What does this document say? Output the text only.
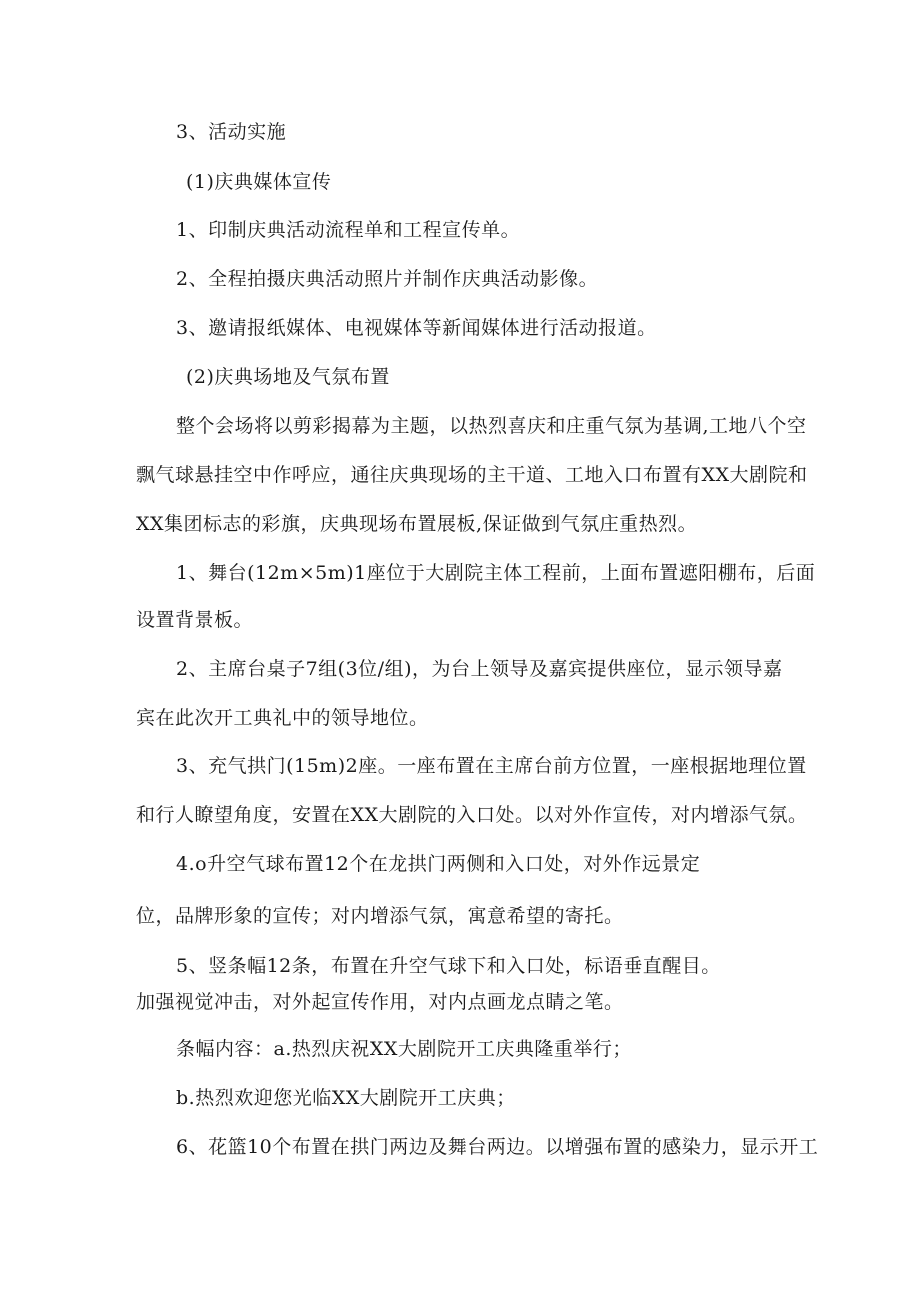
3、活动实施
(1)庆典媒体宣传
1、印制庆典活动流程单和工程宣传单。
2、全程拍摄庆典活动照片并制作庆典活动影像。
3、邀请报纸媒体、电视媒体等新闻媒体进行活动报道。
(2)庆典场地及气氛布置
整个会场将以剪彩揭幕为主题，以热烈喜庆和庄重气氛为基调,工地八个空
飘气球悬挂空中作呼应，通往庆典现场的主干道、工地入口布置有XX大剧院和
XX集团标志的彩旗，庆典现场布置展板,保证做到气氛庄重热烈。
1、舞台(12m×5m)1座位于大剧院主体工程前，上面布置遮阳棚布，后面
设置背景板。
2、主席台桌子7组(3位/组)，为台上领导及嘉宾提供座位，显示领导嘉
宾在此次开工典礼中的领导地位。
3、充气拱门(15m)2座。一座布置在主席台前方位置，一座根据地理位置
和行人瞭望角度，安置在XX大剧院的入口处。以对外作宣传，对内增添气氛。
4.o升空气球布置12个在龙拱门两侧和入口处，对外作远景定
位，品牌形象的宣传；对内增添气氛，寓意希望的寄托。
5、竖条幅12条，布置在升空气球下和入口处，标语垂直醒目。
加强视觉冲击，对外起宣传作用，对内点画龙点睛之笔。
条幅内容：a.热烈庆祝XX大剧院开工庆典隆重举行；
b.热烈欢迎您光临XX大剧院开工庆典；
6、花篮10个布置在拱门两边及舞台两边。以增强布置的感染力，显示开工
